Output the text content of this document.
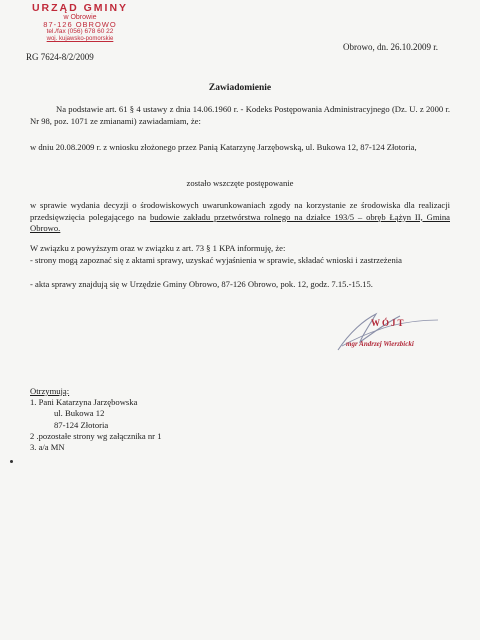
URZĄD GMINY
w Obrowie
87-126 OBROWO
tel./fax (056) 678 60 22
woj. kujawsko-pomorskie
RG 7624-8/2/2009
Obrowo, dn. 26.10.2009 r.
Zawiadomienie
Na podstawie art. 61 § 4 ustawy z dnia 14.06.1960 r. - Kodeks Postępowania Administracyjnego (Dz. U. z 2000 r. Nr 98, poz. 1071 ze zmianami) zawiadamiam, że:
w dniu 20.08.2009 r. z wniosku złożonego przez Panią Katarzynę Jarzębowską, ul. Bukowa 12, 87-124 Złotoria,
zostało wszczęte postępowanie
w sprawie wydania decyzji o środowiskowych uwarunkowaniach zgody na korzystanie ze środowiska dla realizacji przedsięwzięcia polegającego na budowie zakładu przetwórstwa rolnego na działce 193/5 – obręb Łążyn II, Gmina Obrowo.
W związku z powyższym oraz w związku z art. 73 § 1 KPA informuję, że:
- strony mogą zapoznać się z aktami sprawy, uzyskać wyjaśnienia w sprawie, składać wnioski i zastrzeżenia
- akta sprawy znajdują się w Urzędzie Gminy Obrowo, 87-126 Obrowo, pok. 12, godz. 7.15.-15.15.
WÓJT
mgr Andrzej Wierzbicki
Otrzymują:
1. Pani Katarzyna Jarzębowska
ul. Bukowa 12
87-124 Złotoria
2 .pozostałe strony wg załącznika nr 1
3. a/a MN
